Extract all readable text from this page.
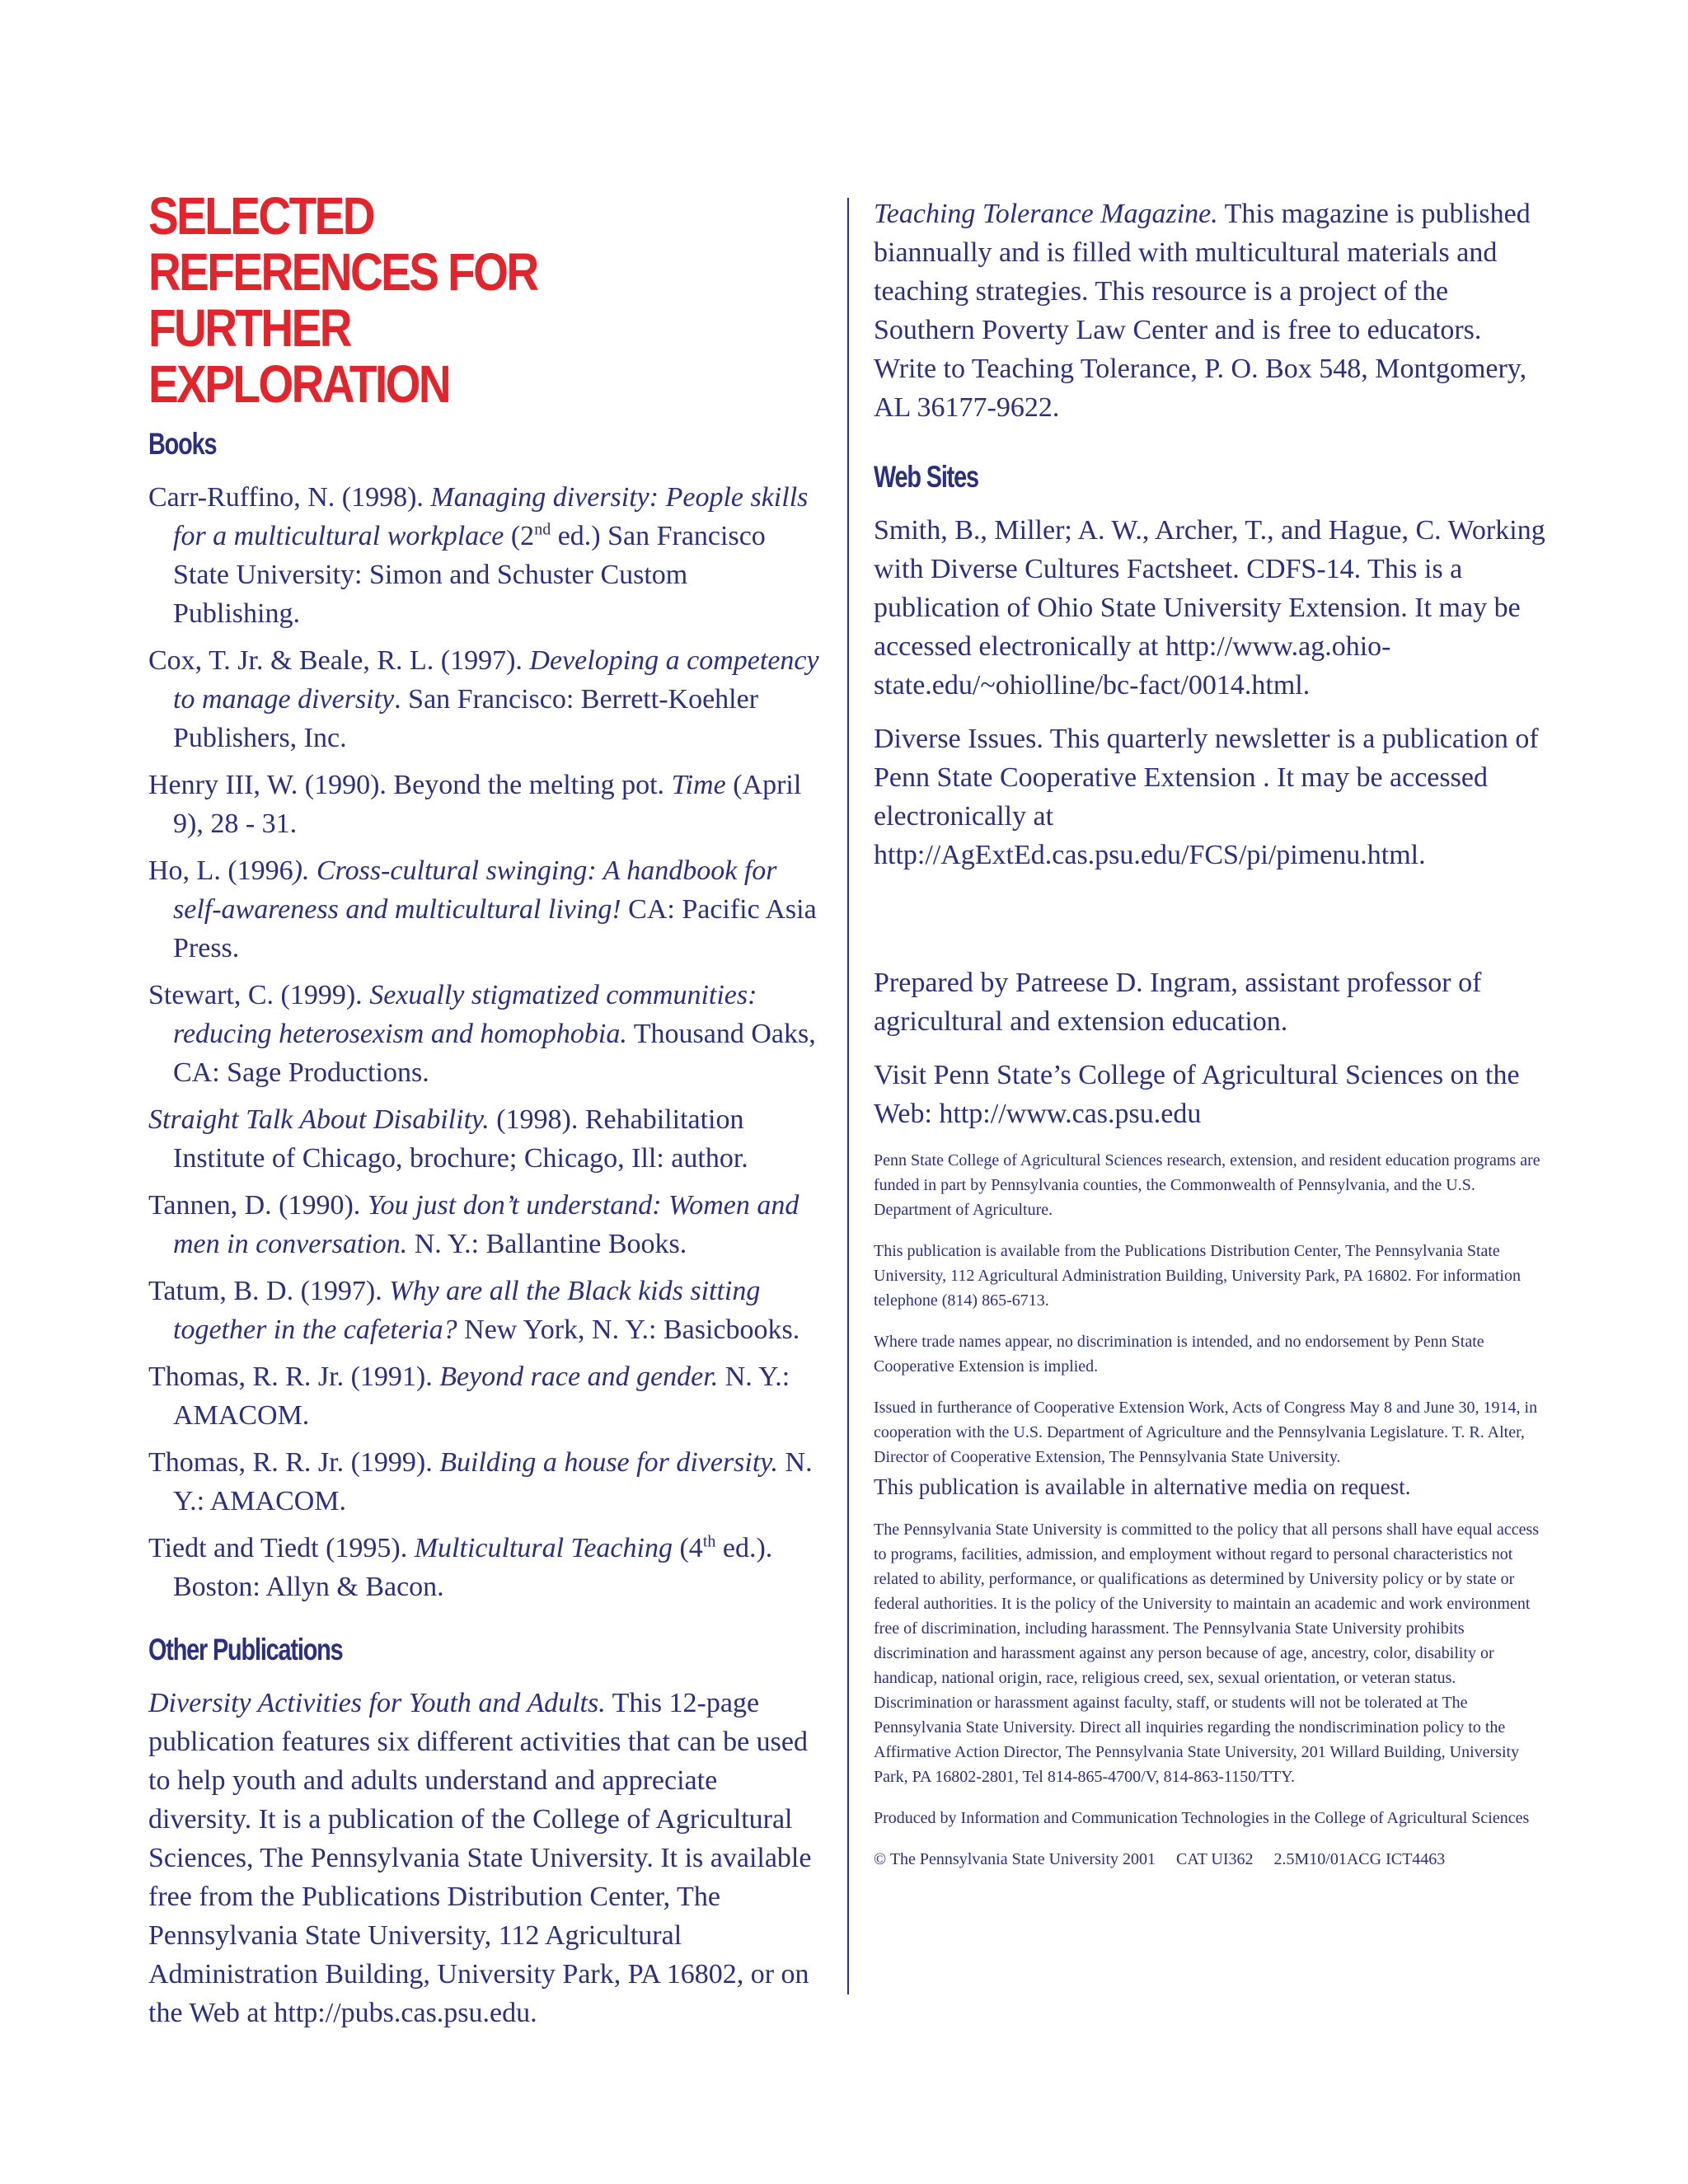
SELECTED REFERENCES FOR FURTHER EXPLORATION
Books

Carr-Ruffino, N. (1998). Managing diversity: People skills for a multicultural workplace (2nd ed.) San Francisco State University: Simon and Schuster Custom Publishing.

Cox, T. Jr. & Beale, R. L. (1997). Developing a competency to manage diversity. San Francisco: Berrett-Koehler Publishers, Inc.

Henry III, W. (1990). Beyond the melting pot. Time (April 9), 28 - 31.

Ho, L. (1996). Cross-cultural swinging: A handbook for self-awareness and multicultural living! CA: Pacific Asia Press.

Stewart, C. (1999). Sexually stigmatized communities: reducing heterosexism and homophobia. Thousand Oaks, CA: Sage Productions.

Straight Talk About Disability. (1998). Rehabilitation Institute of Chicago, brochure; Chicago, Ill: author.

Tannen, D. (1990). You just don’t understand: Women and men in conversation. N. Y.: Ballantine Books.

Tatum, B. D. (1997). Why are all the Black kids sitting together in the cafeteria? New York, N. Y.: Basicbooks.

Thomas, R. R. Jr. (1991). Beyond race and gender. N. Y.: AMACOM.

Thomas, R. R. Jr. (1999). Building a house for diversity. N. Y.: AMACOM.

Tiedt and Tiedt (1995). Multicultural Teaching (4th ed.). Boston: Allyn & Bacon.

Other Publications

Diversity Activities for Youth and Adults. This 12-page publication features six different activities that can be used to help youth and adults understand and appreciate diversity. It is a publication of the College of Agricultural Sciences, The Pennsylvania State University. It is available free from the Publications Distribution Center, The Pennsylvania State University, 112 Agricultural Administration Building, University Park, PA 16802, or on the Web at http://pubs.cas.psu.edu.

Teaching Tolerance Magazine. This magazine is published biannually and is filled with multicultural materials and teaching strategies. This resource is a project of the Southern Poverty Law Center and is free to educators. Write to Teaching Tolerance, P. O. Box 548, Montgomery, AL 36177-9622.

Web Sites

Smith, B., Miller; A. W., Archer, T., and Hague, C. Working with Diverse Cultures Factsheet. CDFS-14. This is a publication of Ohio State University Extension. It may be accessed electronically at http://www.ag.ohio-state.edu/~ohiolline/bc-fact/0014.html.

Diverse Issues. This quarterly newsletter is a publication of Penn State Cooperative Extension . It may be accessed electronically at http://AgExtEd.cas.psu.edu/FCS/pi/pimenu.html.

Prepared by Patreese D. Ingram, assistant professor of agricultural and extension education.

Visit Penn State’s College of Agricultural Sciences on the Web: http://www.cas.psu.edu

Penn State College of Agricultural Sciences research, extension, and resident education programs are funded in part by Pennsylvania counties, the Commonwealth of Pennsylvania, and the U.S. Department of Agriculture.

This publication is available from the Publications Distribution Center, The Pennsylvania State University, 112 Agricultural Administration Building, University Park, PA 16802. For information telephone (814) 865-6713.

Where trade names appear, no discrimination is intended, and no endorsement by Penn State Cooperative Extension is implied.

Issued in furtherance of Cooperative Extension Work, Acts of Congress May 8 and June 30, 1914, in cooperation with the U.S. Department of Agriculture and the Pennsylvania Legislature. T. R. Alter, Director of Cooperative Extension, The Pennsylvania State University.

This publication is available in alternative media on request.

The Pennsylvania State University is committed to the policy that all persons shall have equal access to programs, facilities, admission, and employment without regard to personal characteristics not related to ability, performance, or qualifications as determined by University policy or by state or federal authorities. It is the policy of the University to maintain an academic and work environment free of discrimination, including harassment. The Pennsylvania State University prohibits discrimination and harassment against any person because of age, ancestry, color, disability or handicap, national origin, race, religious creed, sex, sexual orientation, or veteran status. Discrimination or harassment against faculty, staff, or students will not be tolerated at The Pennsylvania State University. Direct all inquiries regarding the nondiscrimination policy to the Affirmative Action Director, The Pennsylvania State University, 201 Willard Building, University Park, PA 16802-2801, Tel 814-865-4700/V, 814-863-1150/TTY.

Produced by Information and Communication Technologies in the College of Agricultural Sciences

© The Pennsylvania State University 2001     CAT UI362     2.5M10/01ACG ICT4463
